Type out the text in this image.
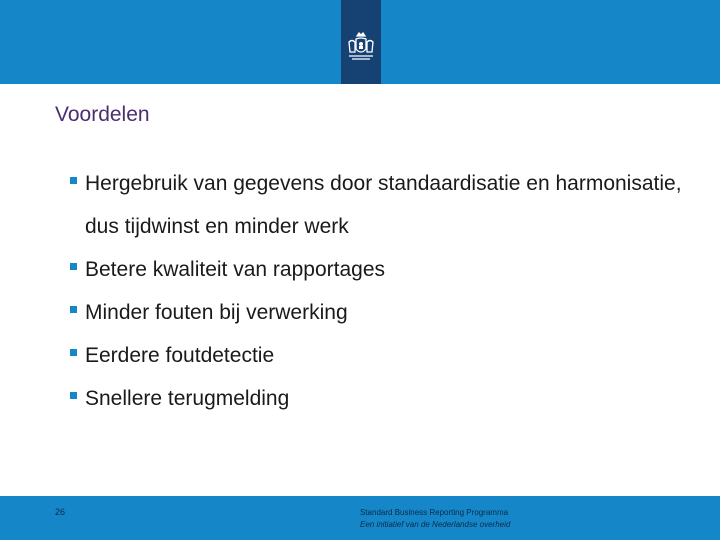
Voordelen
Hergebruik van gegevens door standaardisatie en harmonisatie, dus tijdwinst en minder werk
Betere kwaliteit van rapportages
Minder fouten bij verwerking
Eerdere foutdetectie
Snellere terugmelding
26	Standard Business Reporting Programma
Een initiatief van de Nederlandse overheid
